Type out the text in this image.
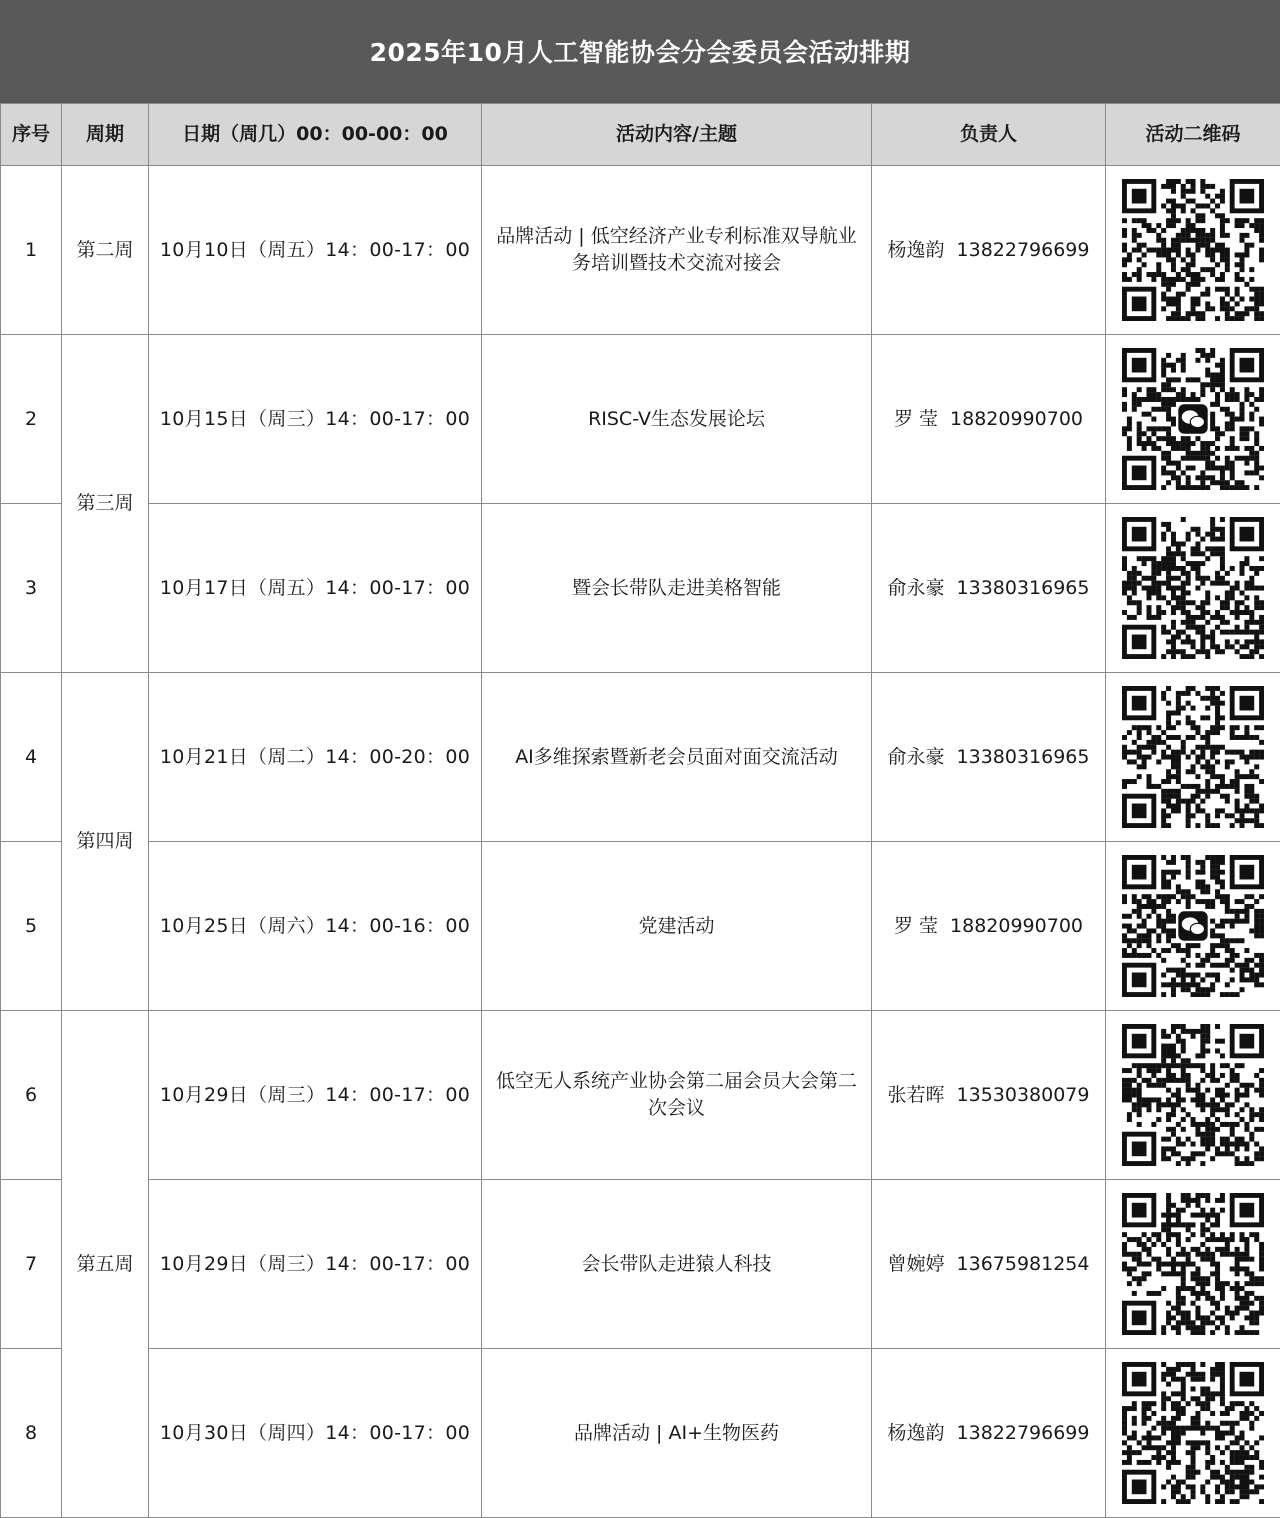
2025年10月人工智能协会分会委员会活动排期
序号	周期	日期（周几）00：00-00：00	活动内容/主题	负责人	活动二维码
1	第二周	10月10日（周五）14：00-17：00	品牌活动 | 低空经济产业专利标准双导航业务培训暨技术交流对接会	杨逸韵 13822796699	

2	第三周	10月15日（周三）14：00-17：00	RISC-V生态发展论坛	罗 莹 18820990700	

3		10月17日（周五）14：00-17：00	暨会长带队走进美格智能	俞永豪 13380316965	

4	第四周	10月21日（周二）14：00-20：00	AI多维探索暨新老会员面对面交流活动	俞永豪 13380316965	

5		10月25日（周六）14：00-16：00	党建活动	罗 莹 18820990700	

6	第五周	10月29日（周三）14：00-17：00	低空无人系统产业协会第二届会员大会第二次会议	张若晖 13530380079	

7		10月29日（周三）14：00-17：00	会长带队走进猿人科技	曾婉婷 13675981254	

8		10月30日（周四）14：00-17：00	品牌活动 | AI+生物医药	杨逸韵 13822796699	
